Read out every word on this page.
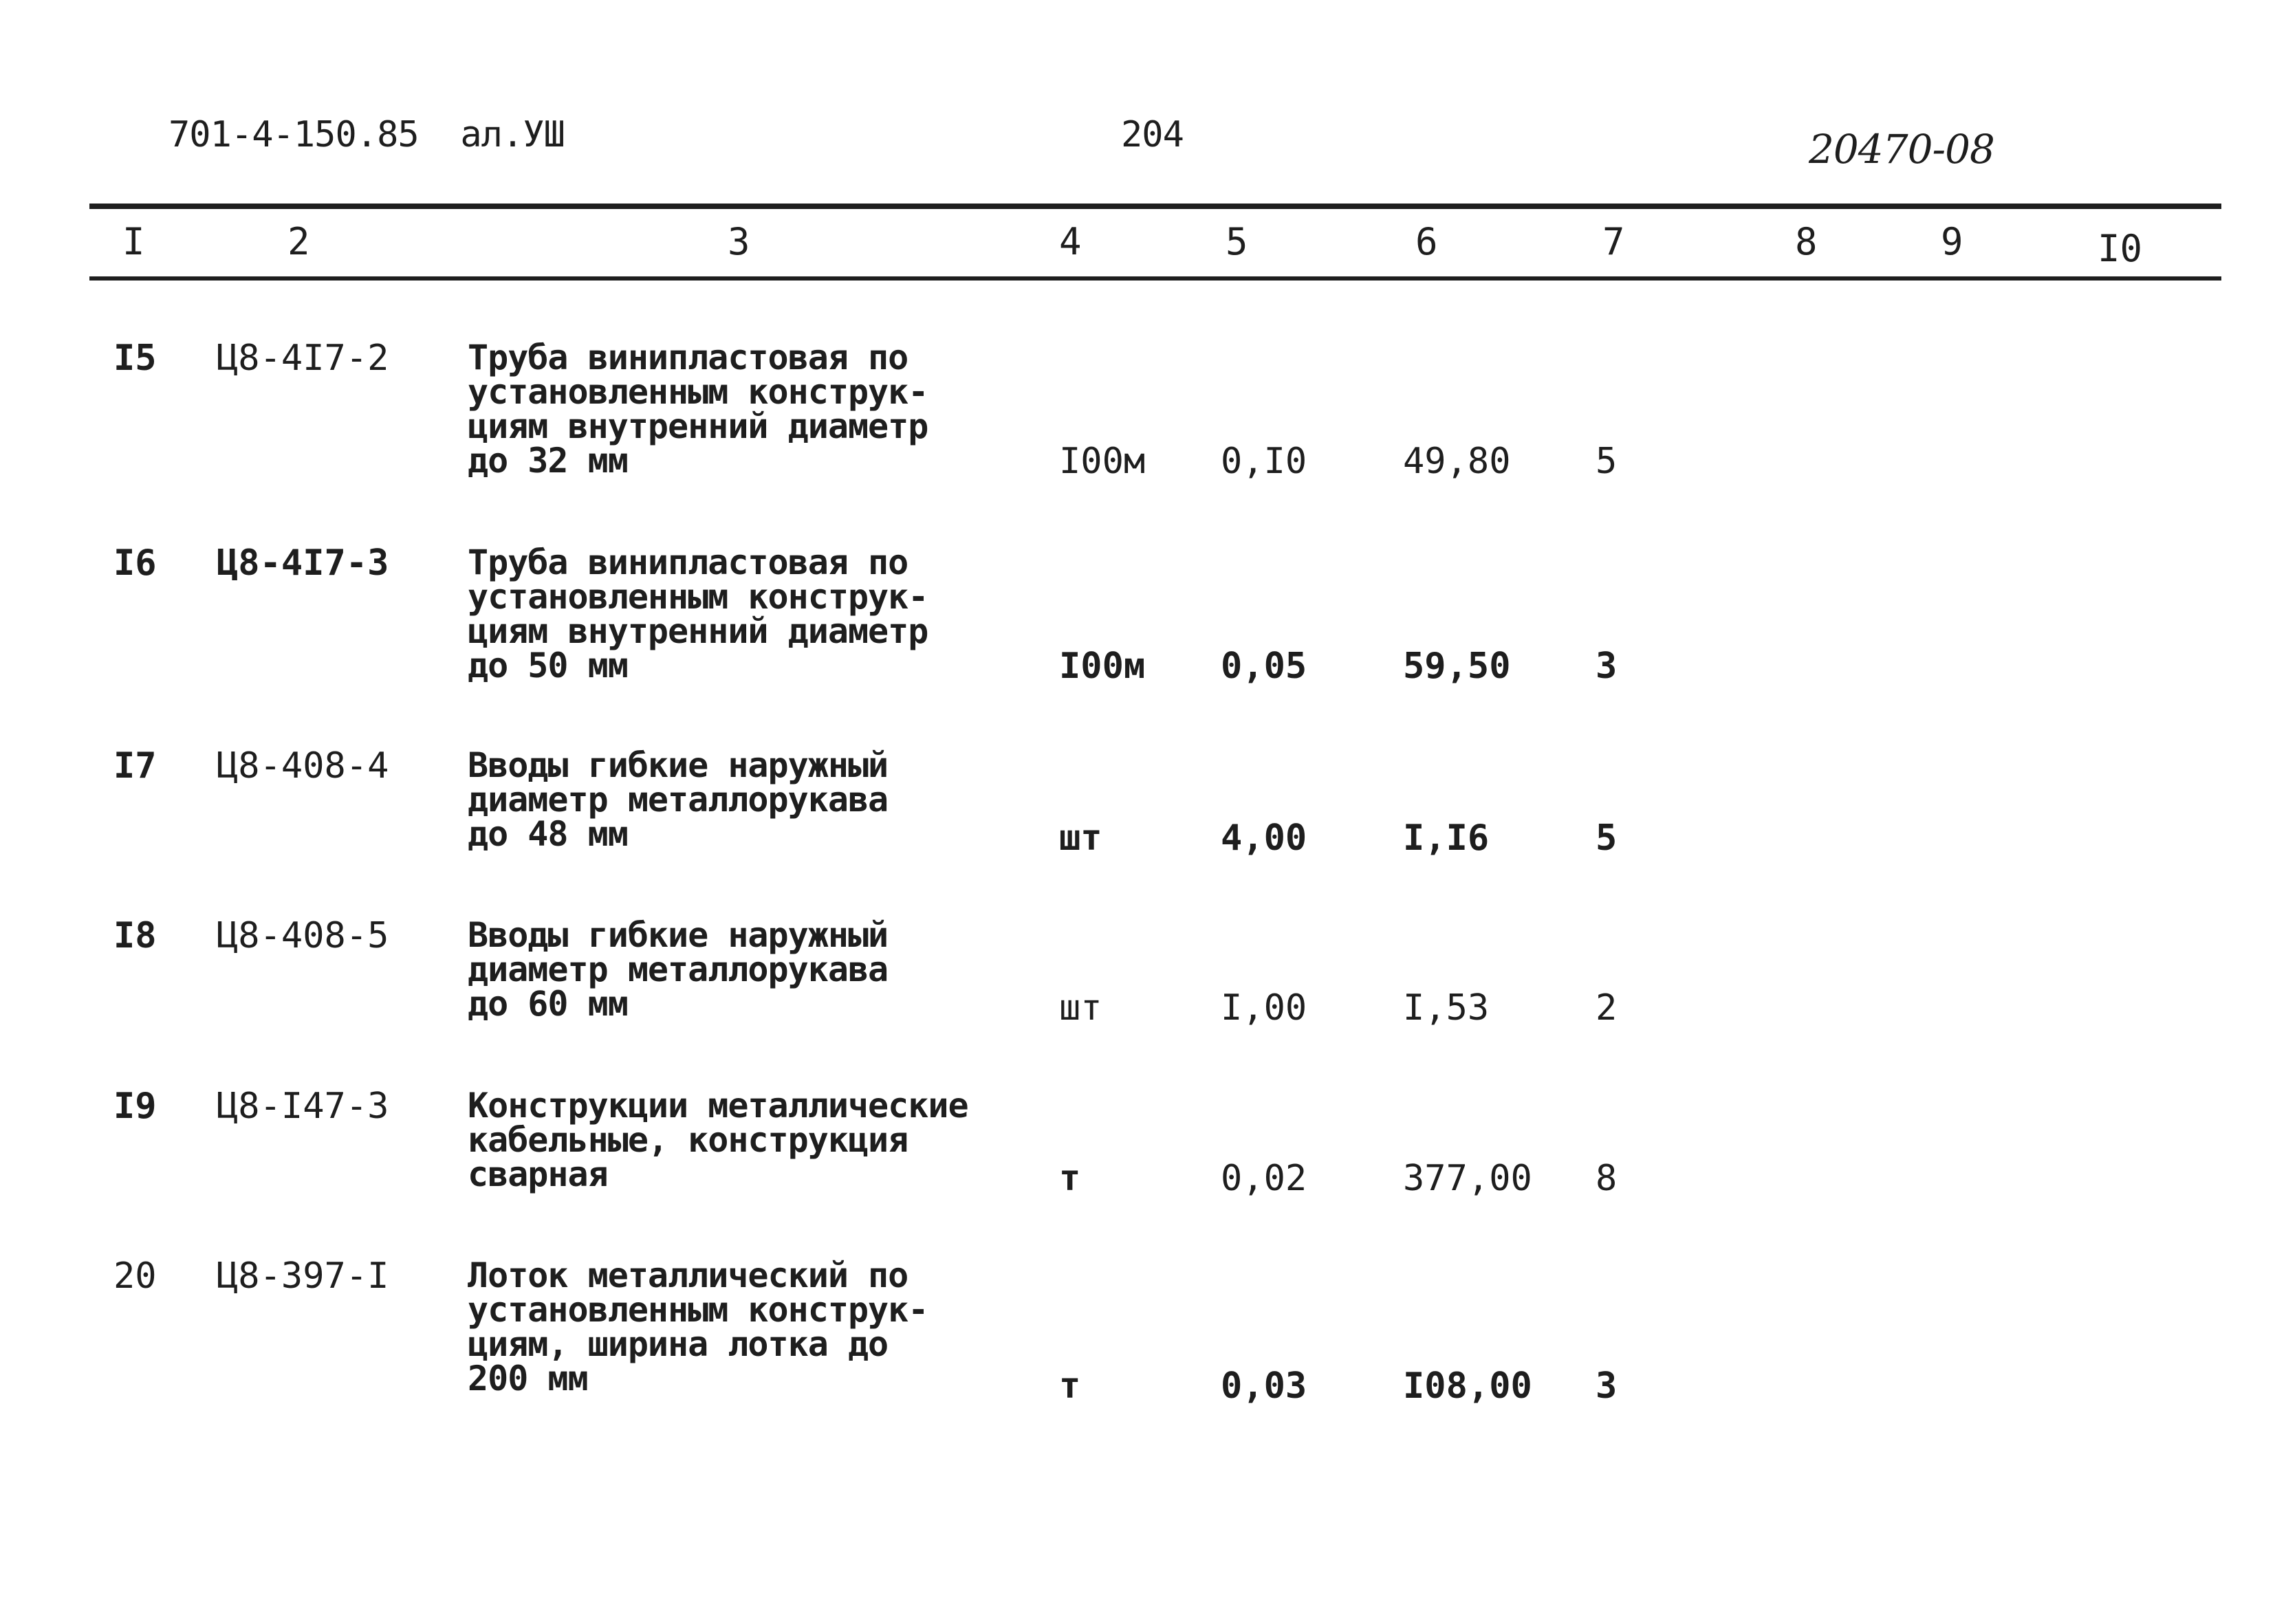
701-4-150.85 ал.УШ	204	20470-08
I	2	3	4	5	6	7	8	9	I0
I5 Ц8-4I7-2 Труба винипластовая по
установленным конструк-
циям внутренний диаметр
до 32 мм	I00м 0,I0	49,80 5
I6 Ц8-4I7-3 Труба винипластовая по
установленным конструк-
циям внутренний диаметр
до 50 мм	I00м 0,05	59,50 3
I7 Ц8-408-4 Вводы гибкие наружный
диаметр металлорукава
до 48 мм	шт	4,00	I,I6	5
I8 Ц8-408-5 Вводы гибкие наружный
диаметр металлорукава
до 60 мм	шт	I,00	I,53	2
I9 Ц8-I47-3 Конструкции металлические
кабельные, конструкция
сварная	т	0,02	377,00 8
20 Ц8-397-I Лоток металлический по
установленным конструк-
циям, ширина лотка до
200 мм	т	0,03	I08,00 3
